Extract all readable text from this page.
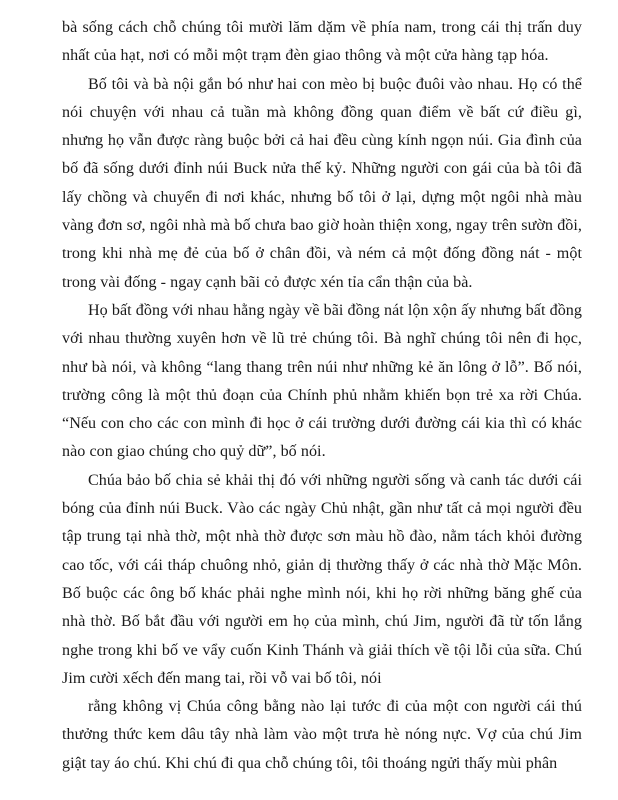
bà sống cách chỗ chúng tôi mười lăm dặm về phía nam, trong cái thị trấn duy nhất của hạt, nơi có mỗi một trạm đèn giao thông và một cửa hàng tạp hóa.

Bố tôi và bà nội gắn bó như hai con mèo bị buộc đuôi vào nhau. Họ có thể nói chuyện với nhau cả tuần mà không đồng quan điểm về bất cứ điều gì, nhưng họ vẫn được ràng buộc bởi cả hai đều cùng kính ngọn núi. Gia đình của bố đã sống dưới đỉnh núi Buck nửa thế kỷ. Những người con gái của bà tôi đã lấy chồng và chuyển đi nơi khác, nhưng bố tôi ở lại, dựng một ngôi nhà màu vàng đơn sơ, ngôi nhà mà bố chưa bao giờ hoàn thiện xong, ngay trên sườn đồi, trong khi nhà mẹ đẻ của bố ở chân đồi, và ném cả một đống đồng nát - một trong vài đống - ngay cạnh bãi cỏ được xén tỉa cẩn thận của bà.

Họ bất đồng với nhau hằng ngày về bãi đồng nát lộn xộn ấy nhưng bất đồng với nhau thường xuyên hơn về lũ trẻ chúng tôi. Bà nghĩ chúng tôi nên đi học, như bà nói, và không “lang thang trên núi như những kẻ ăn lông ở lỗ”. Bố nói, trường công là một thủ đoạn của Chính phủ nhằm khiến bọn trẻ xa rời Chúa. “Nếu con cho các con mình đi học ở cái trường dưới đường cái kia thì có khác nào con giao chúng cho quỷ dữ”, bố nói.

Chúa bảo bố chia sẻ khải thị đó với những người sống và canh tác dưới cái bóng của đỉnh núi Buck. Vào các ngày Chủ nhật, gần như tất cả mọi người đều tập trung tại nhà thờ, một nhà thờ được sơn màu hồ đào, nằm tách khỏi đường cao tốc, với cái tháp chuông nhỏ, giản dị thường thấy ở các nhà thờ Mặc Môn. Bố buộc các ông bố khác phải nghe mình nói, khi họ rời những băng ghế của nhà thờ. Bố bắt đầu với người em họ của mình, chú Jim, người đã từ tốn lắng nghe trong khi bố ve vẩy cuốn Kinh Thánh và giải thích về tội lỗi của sữa. Chú Jim cười xếch đến mang tai, rồi vỗ vai bố tôi, nói

rằng không vị Chúa công bằng nào lại tước đi của một con người cái thú thưởng thức kem dâu tây nhà làm vào một trưa hè nóng nực. Vợ của chú Jim giật tay áo chú. Khi chú đi qua chỗ chúng tôi, tôi thoáng ngửi thấy mùi phân
